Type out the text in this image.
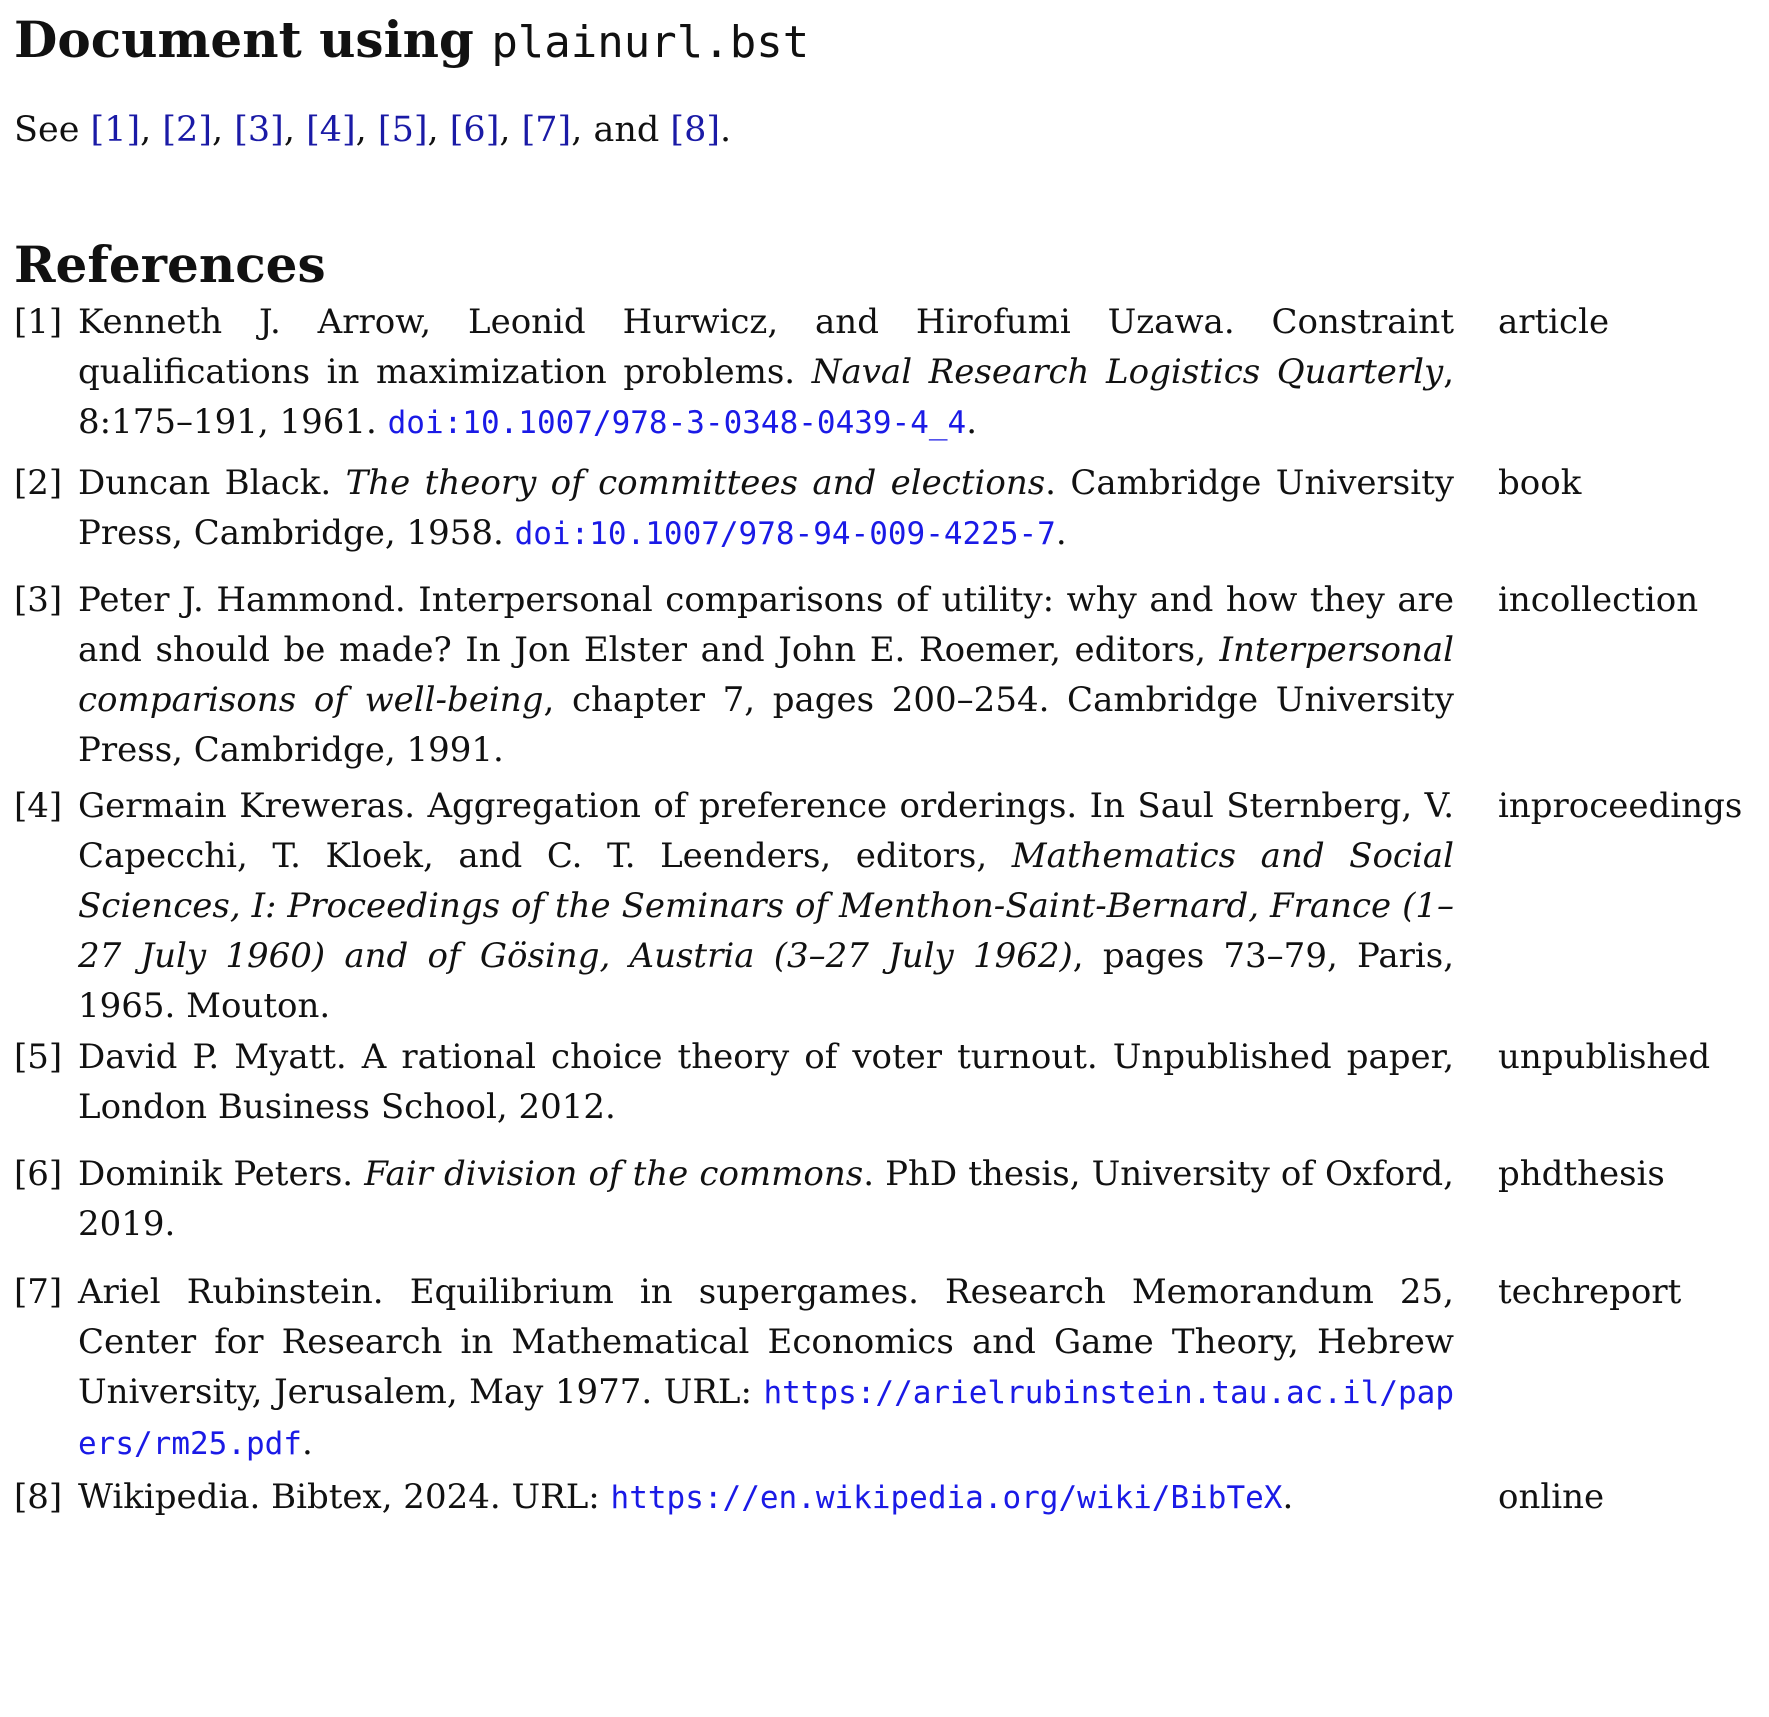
Document using plainurl.bst
See [1], [2], [3], [4], [5], [6], [7], and [8].
References
[1] Kenneth J. Arrow, Leonid Hurwicz, and Hirofumi Uzawa. Constraint qualifications in maximization problems. Naval Research Logistics Quarterly, 8:175–191, 1961. doi:10.1007/978-3-0348-0439-4_4.
article
[2] Duncan Black. The theory of committees and elections. Cambridge University Press, Cambridge, 1958. doi:10.1007/978-94-009-4225-7.
book
[3] Peter J. Hammond. Interpersonal comparisons of utility: why and how they are and should be made? In Jon Elster and John E. Roemer, editors, Interpersonal comparisons of well-being, chapter 7, pages 200–254. Cambridge University Press, Cambridge, 1991.
incollection
[4] Germain Kreweras. Aggregation of preference orderings. In Saul Sternberg, V. Capecchi, T. Kloek, and C. T. Leenders, editors, Mathematics and Social Sciences, I: Proceedings of the Seminars of Menthon-Saint-Bernard, France (1–27 July 1960) and of Gösing, Austria (3–27 July 1962), pages 73–79, Paris, 1965. Mouton.
inproceedings
[5] David P. Myatt. A rational choice theory of voter turnout. Unpublished paper, London Business School, 2012.
unpublished
[6] Dominik Peters. Fair division of the commons. PhD thesis, University of Oxford, 2019.
phdthesis
[7] Ariel Rubinstein. Equilibrium in supergames. Research Memorandum 25, Center for Research in Mathematical Economics and Game Theory, Hebrew University, Jerusalem, May 1977. URL: https://arielrubinstein.tau.ac.il/papers/rm25.pdf.
techreport
[8] Wikipedia. Bibtex, 2024. URL: https://en.wikipedia.org/wiki/BibTeX.	online
